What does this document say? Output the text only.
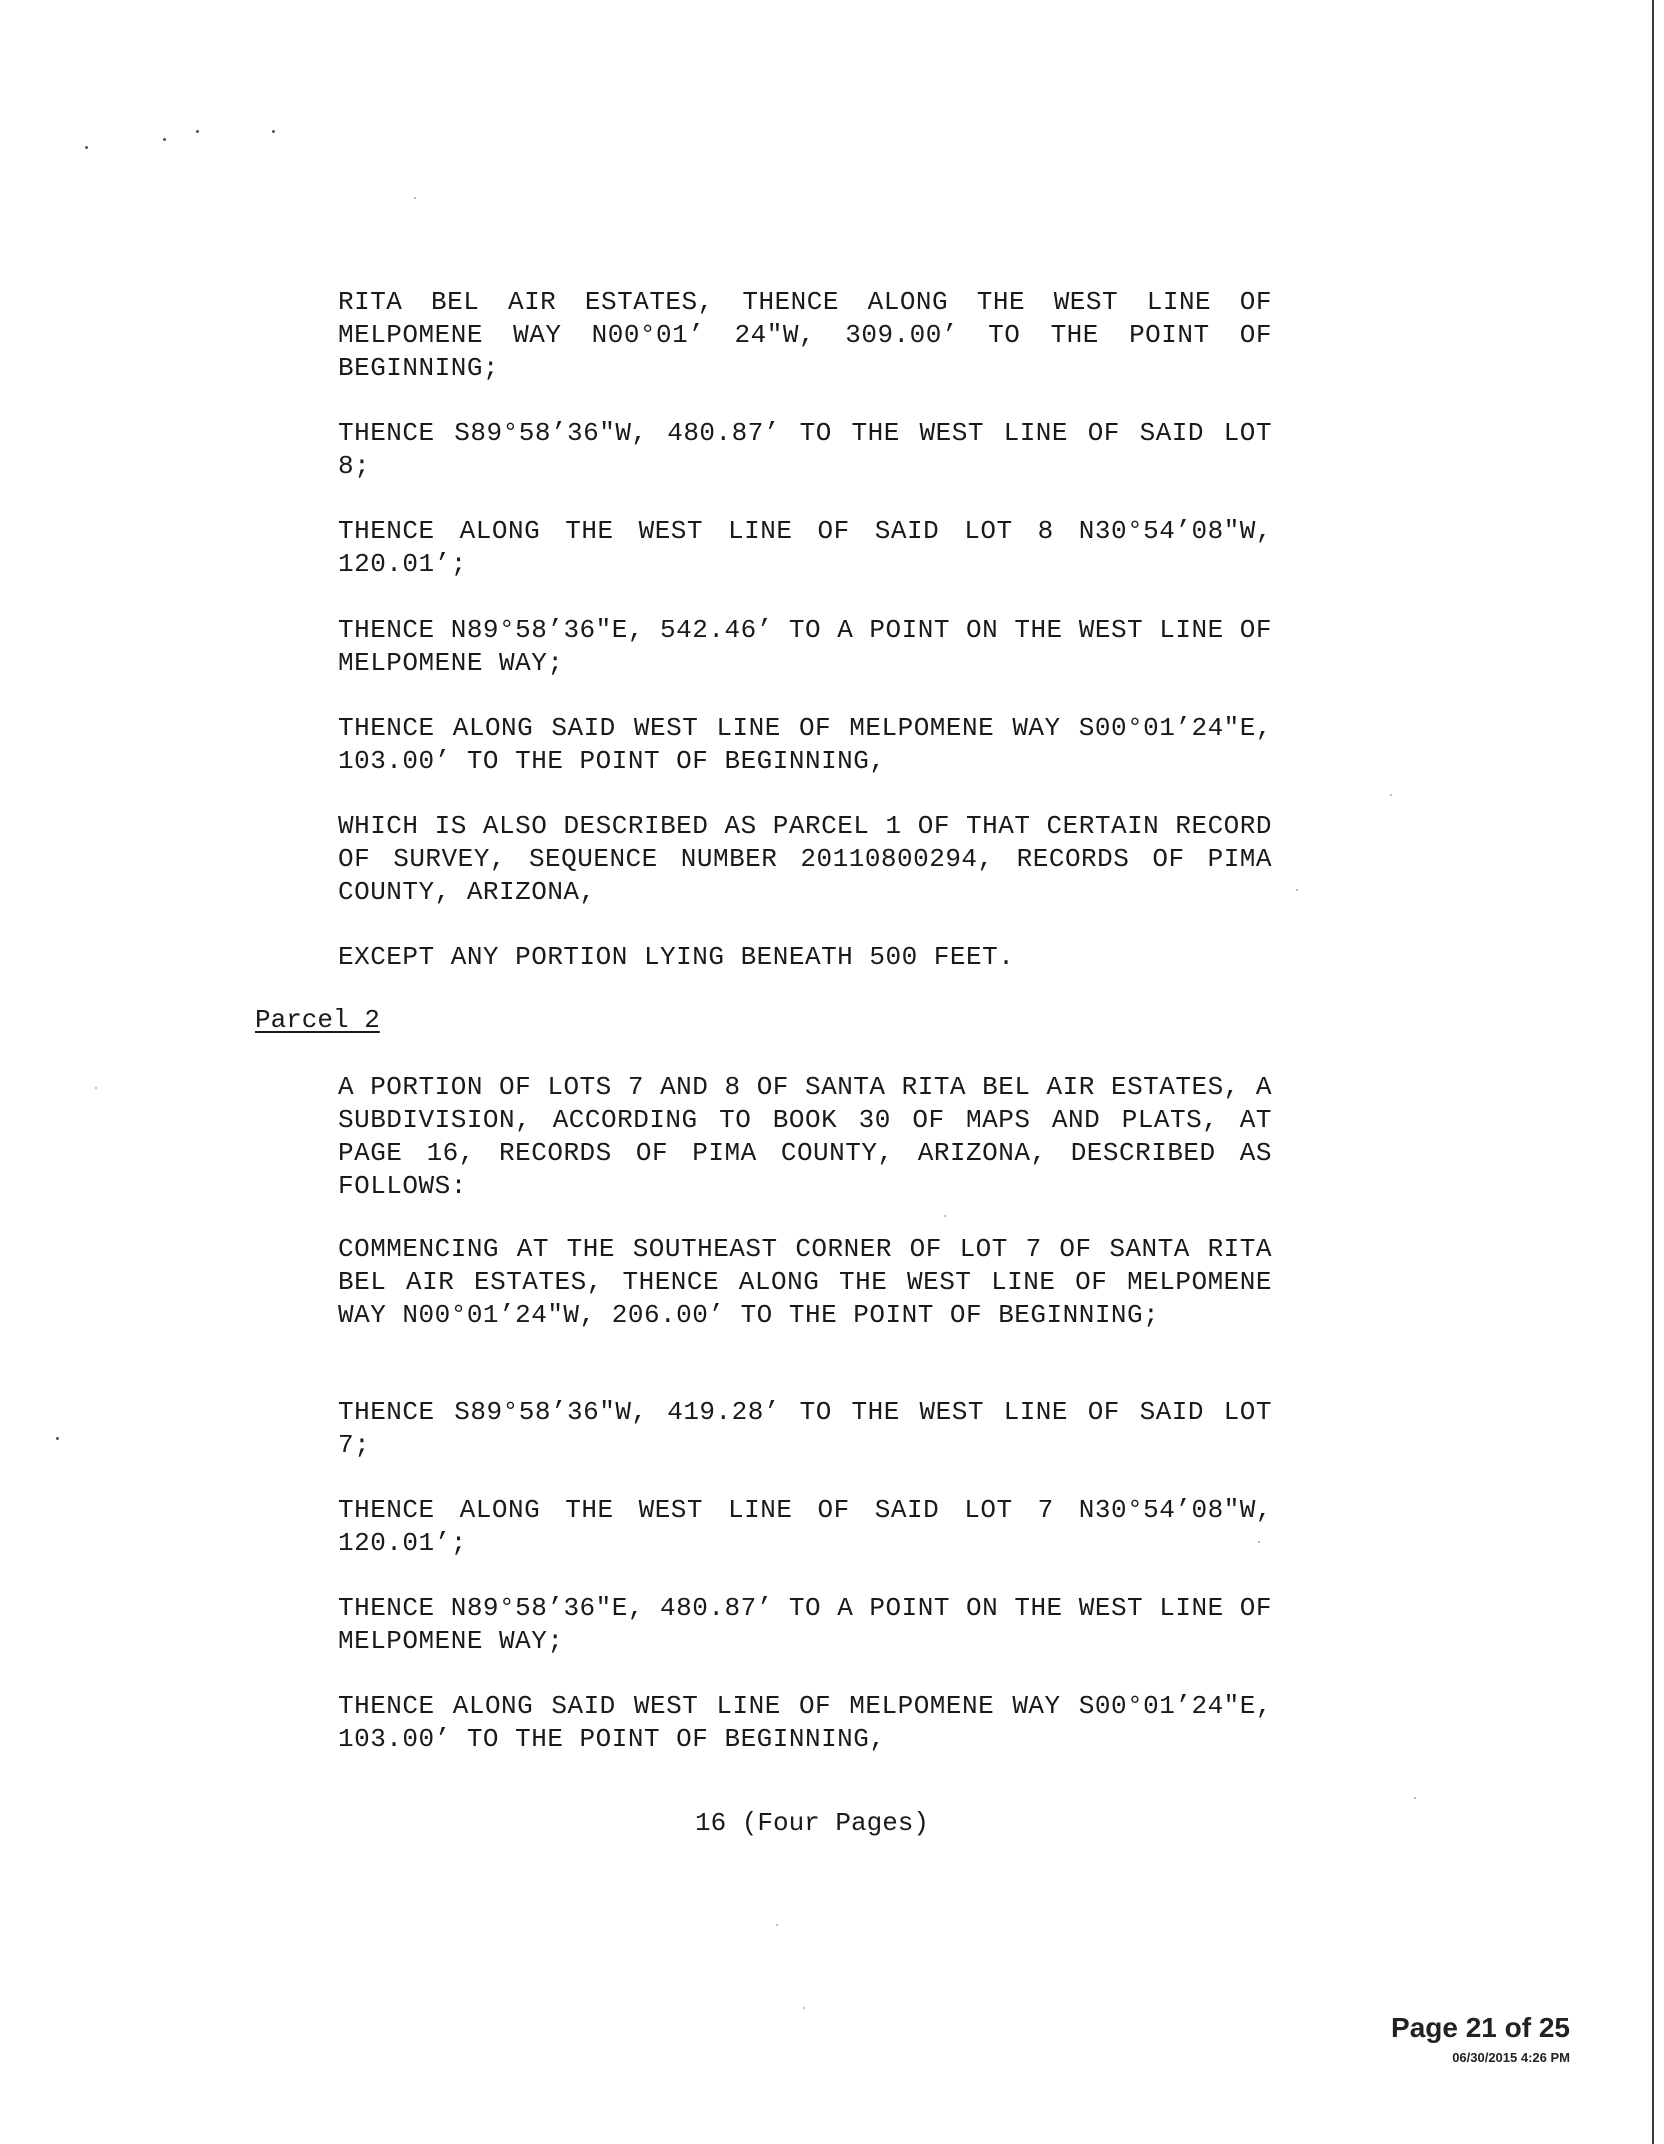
RITA BEL AIR ESTATES, THENCE ALONG THE WEST LINE OF MELPOMENE WAY N00°01’ 24″W, 309.00’ TO THE POINT OF BEGINNING;

THENCE S89°58’36″W, 480.87’ TO THE WEST LINE OF SAID LOT 8;

THENCE ALONG THE WEST LINE OF SAID LOT 8 N30°54’08″W, 120.01’;

THENCE N89°58’36″E, 542.46’ TO A POINT ON THE WEST LINE OF MELPOMENE WAY;

THENCE ALONG SAID WEST LINE OF MELPOMENE WAY S00°01’24″E, 103.00’ TO THE POINT OF BEGINNING,

WHICH IS ALSO DESCRIBED AS PARCEL 1 OF THAT CERTAIN RECORD OF SURVEY, SEQUENCE NUMBER 20110800294, RECORDS OF PIMA COUNTY, ARIZONA,

EXCEPT ANY PORTION LYING BENEATH 500 FEET.

Parcel 2

A PORTION OF LOTS 7 AND 8 OF SANTA RITA BEL AIR ESTATES, A SUBDIVISION, ACCORDING TO BOOK 30 OF MAPS AND PLATS, AT PAGE 16, RECORDS OF PIMA COUNTY, ARIZONA, DESCRIBED AS FOLLOWS:

COMMENCING AT THE SOUTHEAST CORNER OF LOT 7 OF SANTA RITA BEL AIR ESTATES, THENCE ALONG THE WEST LINE OF MELPOMENE WAY N00°01’24″W, 206.00’ TO THE POINT OF BEGINNING;

THENCE S89°58’36″W, 419.28’ TO THE WEST LINE OF SAID LOT 7;

THENCE ALONG THE WEST LINE OF SAID LOT 7 N30°54’08″W, 120.01’;

THENCE N89°58’36″E, 480.87’ TO A POINT ON THE WEST LINE OF MELPOMENE WAY;

THENCE ALONG SAID WEST LINE OF MELPOMENE WAY S00°01’24″E, 103.00’ TO THE POINT OF BEGINNING,

16 (Four Pages)
Page 21 of 25
06/30/2015 4:26 PM
